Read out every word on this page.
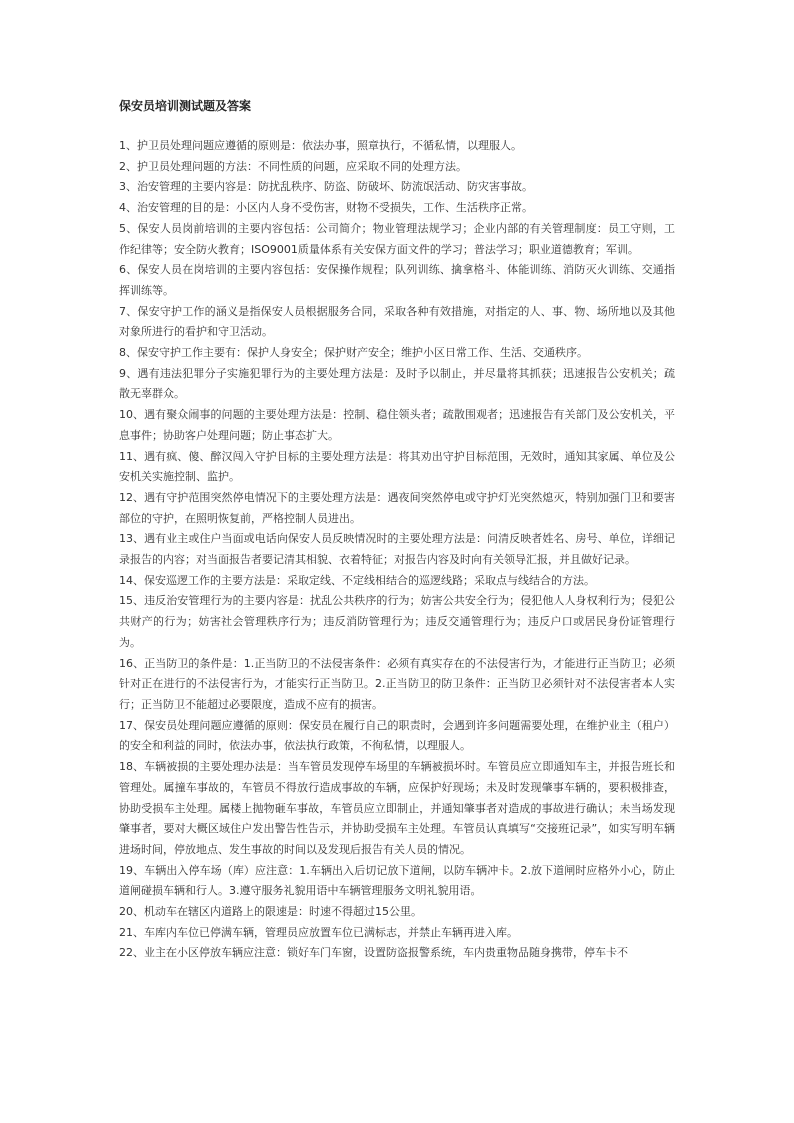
保安员培训测试题及答案

1、护卫员处理问题应遵循的原则是：依法办事，照章执行，不循私情，以理服人。

2、护卫员处理问题的方法：不同性质的问题，应采取不同的处理方法。

3、治安管理的主要内容是：防扰乱秩序、防盗、防破坏、防流氓活动、防灾害事故。

4、治安管理的目的是：小区内人身不受伤害，财物不受损失，工作、生活秩序正常。

5、保安人员岗前培训的主要内容包括：公司简介；物业管理法规学习；企业内部的有关管理制度：员工守则，工作纪律等；安全防火教育；ISO9001质量体系有关安保方面文件的学习；普法学习；职业道德教育；军训。

6、保安人员在岗培训的主要内容包括：安保操作规程；队列训练、擒拿格斗、体能训练、消防灭火训练、交通指挥训练等。

7、保安守护工作的涵义是指保安人员根据服务合同，采取各种有效措施，对指定的人、事、物、场所地以及其他对象所进行的看护和守卫活动。

8、保安守护工作主要有：保护人身安全；保护财产安全；维护小区日常工作、生活、交通秩序。

9、遇有违法犯罪分子实施犯罪行为的主要处理方法是：及时予以制止，并尽量将其抓获；迅速报告公安机关；疏散无辜群众。

10、遇有聚众闹事的问题的主要处理方法是：控制、稳住领头者；疏散围观者；迅速报告有关部门及公安机关，平息事件；协助客户处理问题；防止事态扩大。

11、遇有疯、傻、醉汉闯入守护目标的主要处理方法是：将其劝出守护目标范围，无效时，通知其家属、单位及公安机关实施控制、监护。

12、遇有守护范围突然停电情况下的主要处理方法是：遇夜间突然停电或守护灯光突然熄灭，特别加强门卫和要害部位的守护，在照明恢复前，严格控制人员进出。

13、遇有业主或住户当面或电话向保安人员反映情况时的主要处理方法是：问清反映者姓名、房号、单位，详细记录报告的内容；对当面报告者要记清其相貌、衣着特征；对报告内容及时向有关领导汇报，并且做好记录。

14、保安巡逻工作的主要方法是：采取定线、不定线相结合的巡逻线路；采取点与线结合的方法。

15、违反治安管理行为的主要内容是：扰乱公共秩序的行为；妨害公共安全行为；侵犯他人人身权利行为；侵犯公共财产的行为；妨害社会管理秩序行为；违反消防管理行为；违反交通管理行为；违反户口或居民身份证管理行为。

16、正当防卫的条件是：1.正当防卫的不法侵害条件：必须有真实存在的不法侵害行为，才能进行正当防卫；必须针对正在进行的不法侵害行为，才能实行正当防卫。2.正当防卫的防卫条件：正当防卫必须针对不法侵害者本人实行；正当防卫不能超过必要限度，造成不应有的损害。

17、保安员处理问题应遵循的原则：保安员在履行自己的职责时，会遇到许多问题需要处理，在维护业主（租户）的安全和利益的同时，依法办事，依法执行政策，不徇私情，以理服人。

18、车辆被损的主要处理办法是：当车管员发现停车场里的车辆被损坏时。车管员应立即通知车主，并报告班长和管理处。属撞车事故的，车管员不得放行造成事故的车辆，应保护好现场；未及时发现肇事车辆的，要积极排查，协助受损车主处理。属楼上抛物砸车事故，车管员应立即制止，并通知肇事者对造成的事故进行确认；未当场发现肇事者，要对大概区域住户发出警告性告示，并协助受损车主处理。车管员认真填写“交接班记录”，如实写明车辆进场时间，停放地点、发生事故的时间以及发现后报告有关人员的情况。

19、车辆出入停车场（库）应注意：1.车辆出入后切记放下道闸，以防车辆冲卡。2.放下道闸时应格外小心，防止道闸碰损车辆和行人。3.遵守服务礼貌用语中车辆管理服务文明礼貌用语。

20、机动车在辖区内道路上的限速是：时速不得超过15公里。

21、车库内车位已停满车辆，管理员应放置车位已满标志，并禁止车辆再进入库。

22、业主在小区停放车辆应注意：锁好车门车窗，设置防盗报警系统，车内贵重物品随身携带，停车卡不
